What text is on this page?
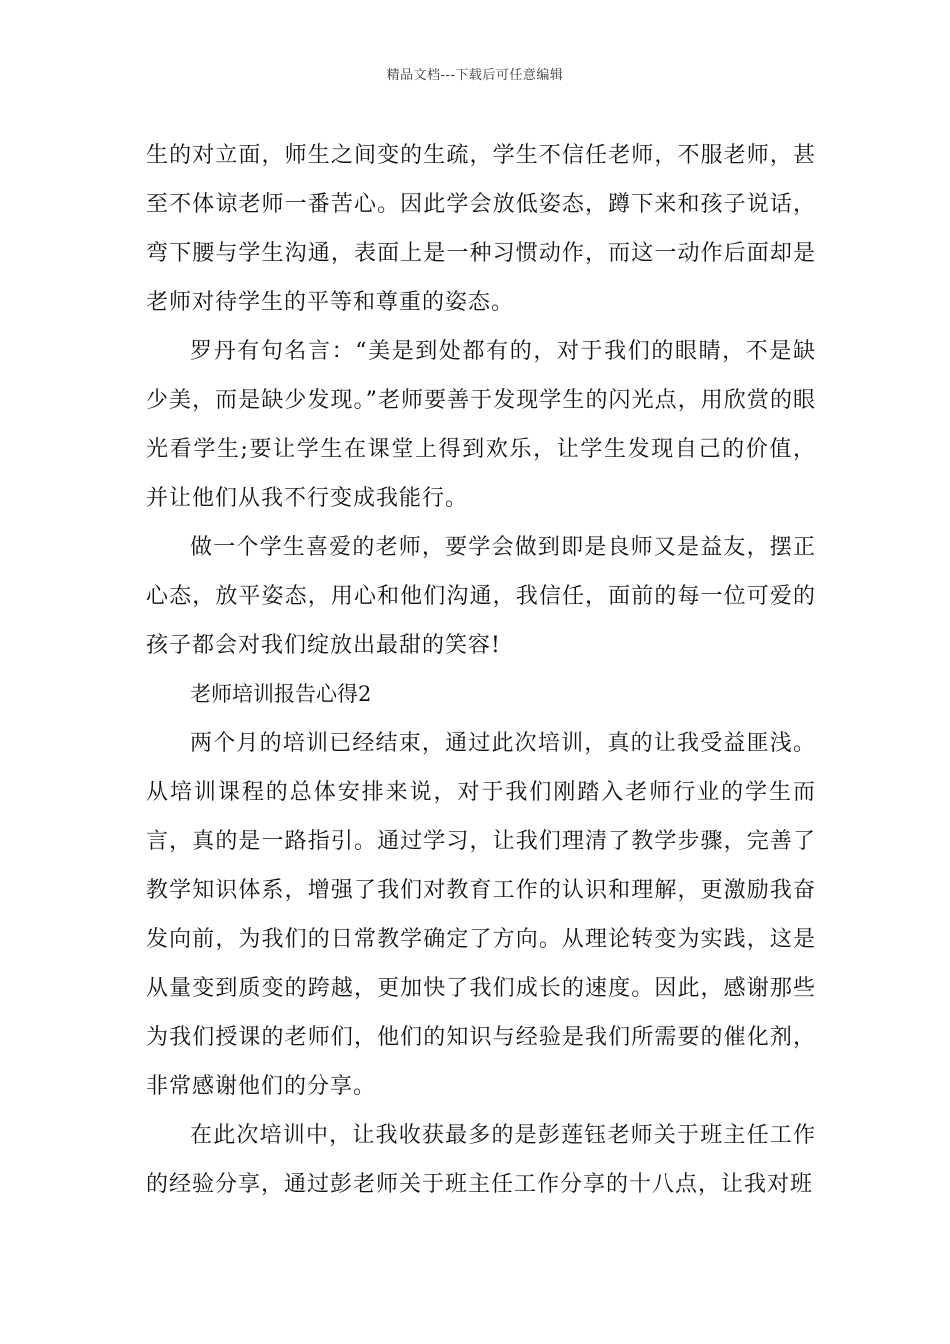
精品文档---下载后可任意编辑

生的对立面，师生之间变的生疏，学生不信任老师，不服老师，甚至不体谅老师一番苦心。因此学会放低姿态，蹲下来和孩子说话，弯下腰与学生沟通，表面上是一种习惯动作，而这一动作后面却是老师对待学生的平等和尊重的姿态。

罗丹有句名言：“美是到处都有的，对于我们的眼睛，不是缺少美，而是缺少发现。”老师要善于发现学生的闪光点，用欣赏的眼光看学生;要让学生在课堂上得到欢乐，让学生发现自己的价值，并让他们从我不行变成我能行。

做一个学生喜爱的老师，要学会做到即是良师又是益友，摆正心态，放平姿态，用心和他们沟通，我信任，面前的每一位可爱的孩子都会对我们绽放出最甜的笑容!

老师培训报告心得2

两个月的培训已经结束，通过此次培训，真的让我受益匪浅。从培训课程的总体安排来说，对于我们刚踏入老师行业的学生而言，真的是一路指引。通过学习，让我们理清了教学步骤，完善了教学知识体系，增强了我们对教育工作的认识和理解，更激励我奋发向前，为我们的日常教学确定了方向。从理论转变为实践，这是从量变到质变的跨越，更加快了我们成长的速度。因此，感谢那些为我们授课的老师们，他们的知识与经验是我们所需要的催化剂，非常感谢他们的分享。

在此次培训中，让我收获最多的是彭莲钰老师关于班主任工作的经验分享，通过彭老师关于班主任工作分享的十八点，让我对班
